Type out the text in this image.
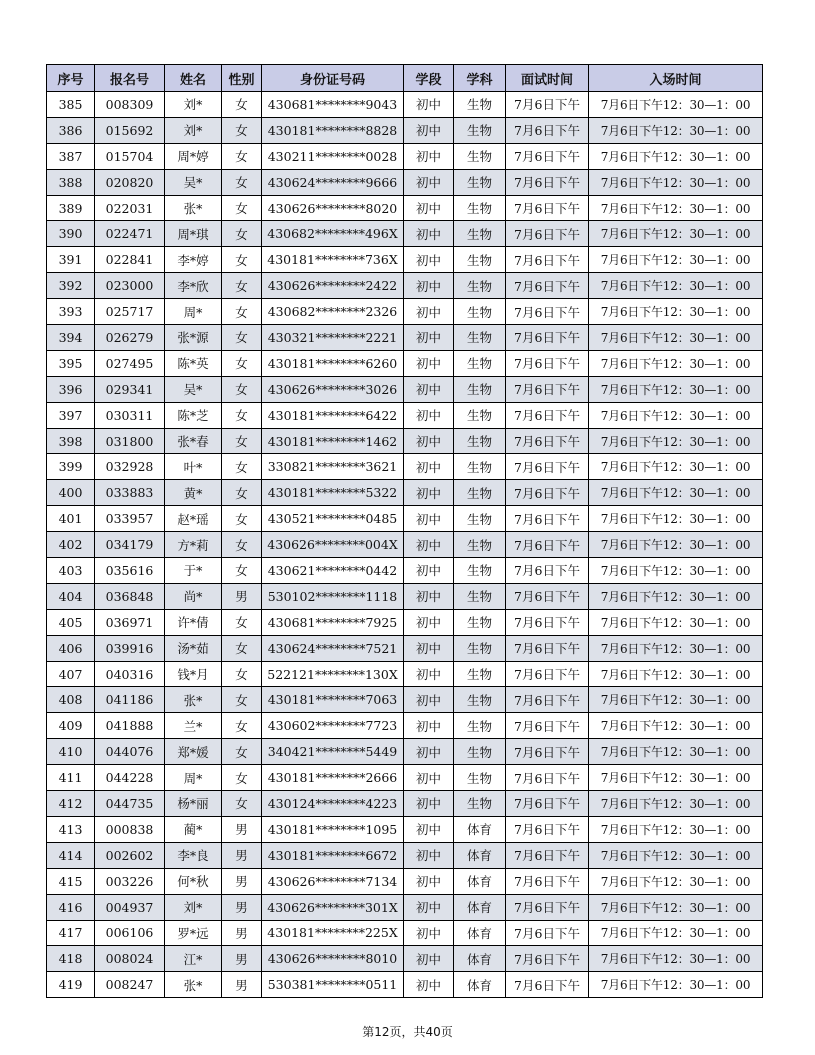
序号	报名号	姓名	性别	身份证号码	学段	学科	面试时间	入场时间
385	008309	刘*	女	430681********9043	初中	生物	7月6日下午	7月6日下午12：30—1：00
386	015692	刘*	女	430181********8828	初中	生物	7月6日下午	7月6日下午12：30—1：00
387	015704	周*婷	女	430211********0028	初中	生物	7月6日下午	7月6日下午12：30—1：00
388	020820	吴*	女	430624********9666	初中	生物	7月6日下午	7月6日下午12：30—1：00
389	022031	张*	女	430626********8020	初中	生物	7月6日下午	7月6日下午12：30—1：00
390	022471	周*琪	女	430682********496X	初中	生物	7月6日下午	7月6日下午12：30—1：00
391	022841	李*婷	女	430181********736X	初中	生物	7月6日下午	7月6日下午12：30—1：00
392	023000	李*欣	女	430626********2422	初中	生物	7月6日下午	7月6日下午12：30—1：00
393	025717	周*	女	430682********2326	初中	生物	7月6日下午	7月6日下午12：30—1：00
394	026279	张*源	女	430321********2221	初中	生物	7月6日下午	7月6日下午12：30—1：00
395	027495	陈*英	女	430181********6260	初中	生物	7月6日下午	7月6日下午12：30—1：00
396	029341	吴*	女	430626********3026	初中	生物	7月6日下午	7月6日下午12：30—1：00
397	030311	陈*芝	女	430181********6422	初中	生物	7月6日下午	7月6日下午12：30—1：00
398	031800	张*春	女	430181********1462	初中	生物	7月6日下午	7月6日下午12：30—1：00
399	032928	叶*	女	330821********3621	初中	生物	7月6日下午	7月6日下午12：30—1：00
400	033883	黄*	女	430181********5322	初中	生物	7月6日下午	7月6日下午12：30—1：00
401	033957	赵*瑶	女	430521********0485	初中	生物	7月6日下午	7月6日下午12：30—1：00
402	034179	方*莉	女	430626********004X	初中	生物	7月6日下午	7月6日下午12：30—1：00
403	035616	于*	女	430621********0442	初中	生物	7月6日下午	7月6日下午12：30—1：00
404	036848	尚*	男	530102********1118	初中	生物	7月6日下午	7月6日下午12：30—1：00
405	036971	许*倩	女	430681********7925	初中	生物	7月6日下午	7月6日下午12：30—1：00
406	039916	汤*茹	女	430624********7521	初中	生物	7月6日下午	7月6日下午12：30—1：00
407	040316	钱*月	女	522121********130X	初中	生物	7月6日下午	7月6日下午12：30—1：00
408	041186	张*	女	430181********7063	初中	生物	7月6日下午	7月6日下午12：30—1：00
409	041888	兰*	女	430602********7723	初中	生物	7月6日下午	7月6日下午12：30—1：00
410	044076	郑*媛	女	340421********5449	初中	生物	7月6日下午	7月6日下午12：30—1：00
411	044228	周*	女	430181********2666	初中	生物	7月6日下午	7月6日下午12：30—1：00
412	044735	杨*丽	女	430124********4223	初中	生物	7月6日下午	7月6日下午12：30—1：00
413	000838	蔺*	男	430181********1095	初中	体育	7月6日下午	7月6日下午12：30—1：00
414	002602	李*良	男	430181********6672	初中	体育	7月6日下午	7月6日下午12：30—1：00
415	003226	何*秋	男	430626********7134	初中	体育	7月6日下午	7月6日下午12：30—1：00
416	004937	刘*	男	430626********301X	初中	体育	7月6日下午	7月6日下午12：30—1：00
417	006106	罗*远	男	430181********225X	初中	体育	7月6日下午	7月6日下午12：30—1：00
418	008024	江*	男	430626********8010	初中	体育	7月6日下午	7月6日下午12：30—1：00
419	008247	张*	男	530381********0511	初中	体育	7月6日下午	7月6日下午12：30—1：00
第12页，共40页
